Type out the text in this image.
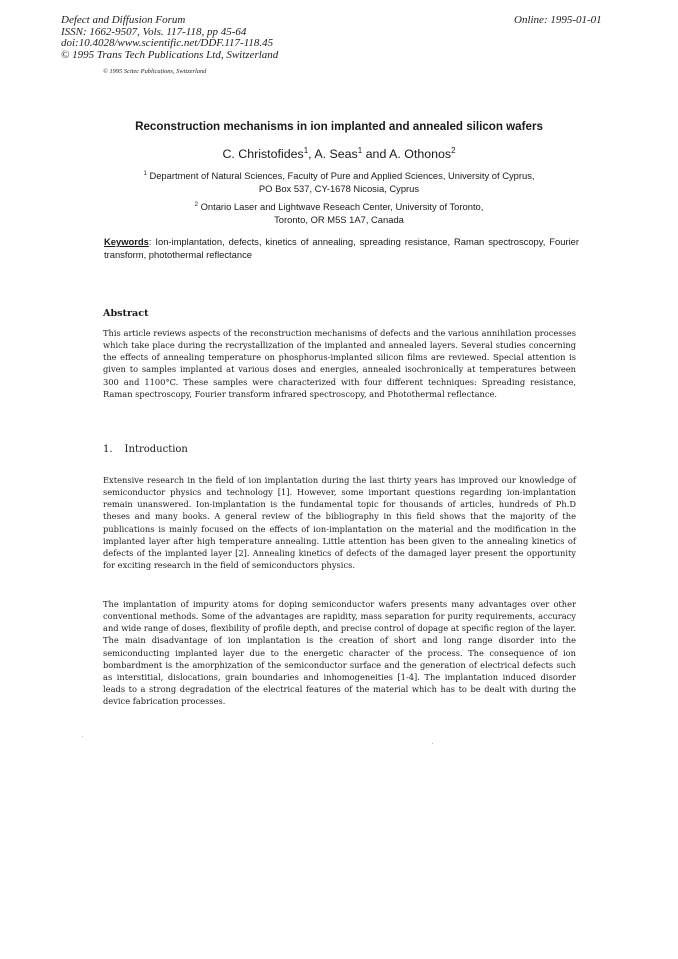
Defect and Diffusion Forum
ISSN: 1662-9507, Vols. 117-118, pp 45-64
doi:10.4028/www.scientific.net/DDF.117-118.45
© 1995 Trans Tech Publications Ltd, Switzerland
Online: 1995-01-01
© 1995 Scitec Publications, Switzerland
Reconstruction mechanisms in ion implanted and annealed silicon wafers
C. Christofides$^1$, A. Seas$^1$ and A. Othonos$^2$
$^1$ Department of Natural Sciences, Faculty of Pure and Applied Sciences, University of Cyprus,
PO Box 537, CY-1678 Nicosia, Cyprus
$^2$ Ontario Laser and Lightwave Reseach Center, University of Toronto,
Toronto, OR M5S 1A7, Canada
Keywords: Ion-implantation, defects, kinetics of annealing, spreading resistance, Raman spectroscopy, Fourier transform, photothermal reflectance
Abstract
This article reviews aspects of the reconstruction mechanisms of defects and the various annihilation processes which take place during the recrystallization of the implanted and annealed layers. Several studies concerning the effects of annealing temperature on phosphorus-implanted silicon films are reviewed. Special attention is given to samples implanted at various doses and energies, annealed isochronically at temperatures between 300 and 1100°C. These samples were characterized with four different techniques: Spreading resistance, Raman spectroscopy, Fourier transform infrared spectroscopy, and Photothermal reflectance.
1. Introduction
Extensive research in the field of ion implantation during the last thirty years has improved our knowledge of semiconductor physics and technology [1]. However, some important questions regarding ion-implantation remain unanswered. Ion-implantation is the fundamental topic for thousands of articles, hundreds of Ph.D theses and many books. A general review of the bibliography in this field shows that the majority of the publications is mainly focused on the effects of ion-implantation on the material and the modification in the implanted layer after high temperature annealing. Little attention has been given to the annealing kinetics of defects of the implanted layer [2]. Annealing kinetics of defects of the damaged layer present the opportunity for exciting research in the field of semiconductors physics.
The implantation of impurity atoms for doping semiconductor wafers presents many advantages over other conventional methods. Some of the advantages are rapidity, mass separation for purity requirements, accuracy and wide range of doses, flexibility of profile depth, and precise control of dopage at specific region of the layer. The main disadvantage of ion implantation is the creation of short and long range disorder into the semiconducting implanted layer due to the energetic character of the process. The consequence of ion bombardment is the amorphization of the semiconductor surface and the generation of electrical defects such as interstitial, dislocations, grain boundaries and inhomogeneities [1-4]. The implantation induced disorder leads to a strong degradation of the electrical features of the material which has to be dealt with during the device fabrication processes.
